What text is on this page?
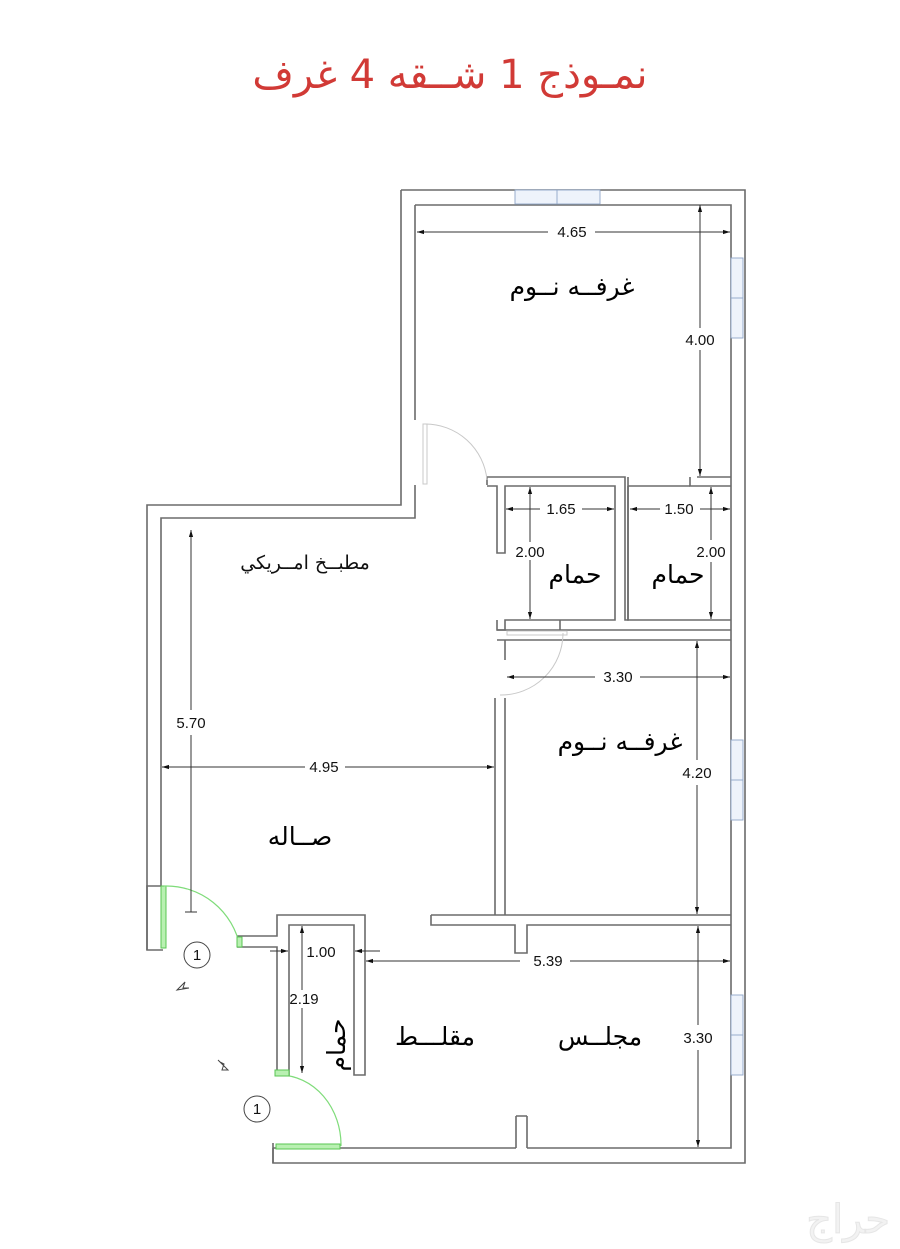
نمـوذج 1 شــقه 4 غرف
1
1
4.65
4.00
1.65
2.00
1.50
2.00
3.30
4.20
5.70
4.95
1.00
2.19
5.39
3.30
غرفــه نــوم
حمام حمام
مطبــخ امــريكي
صــاله
غرفــه نــوم
حمام مقلـــط	مجلــس
حراج
